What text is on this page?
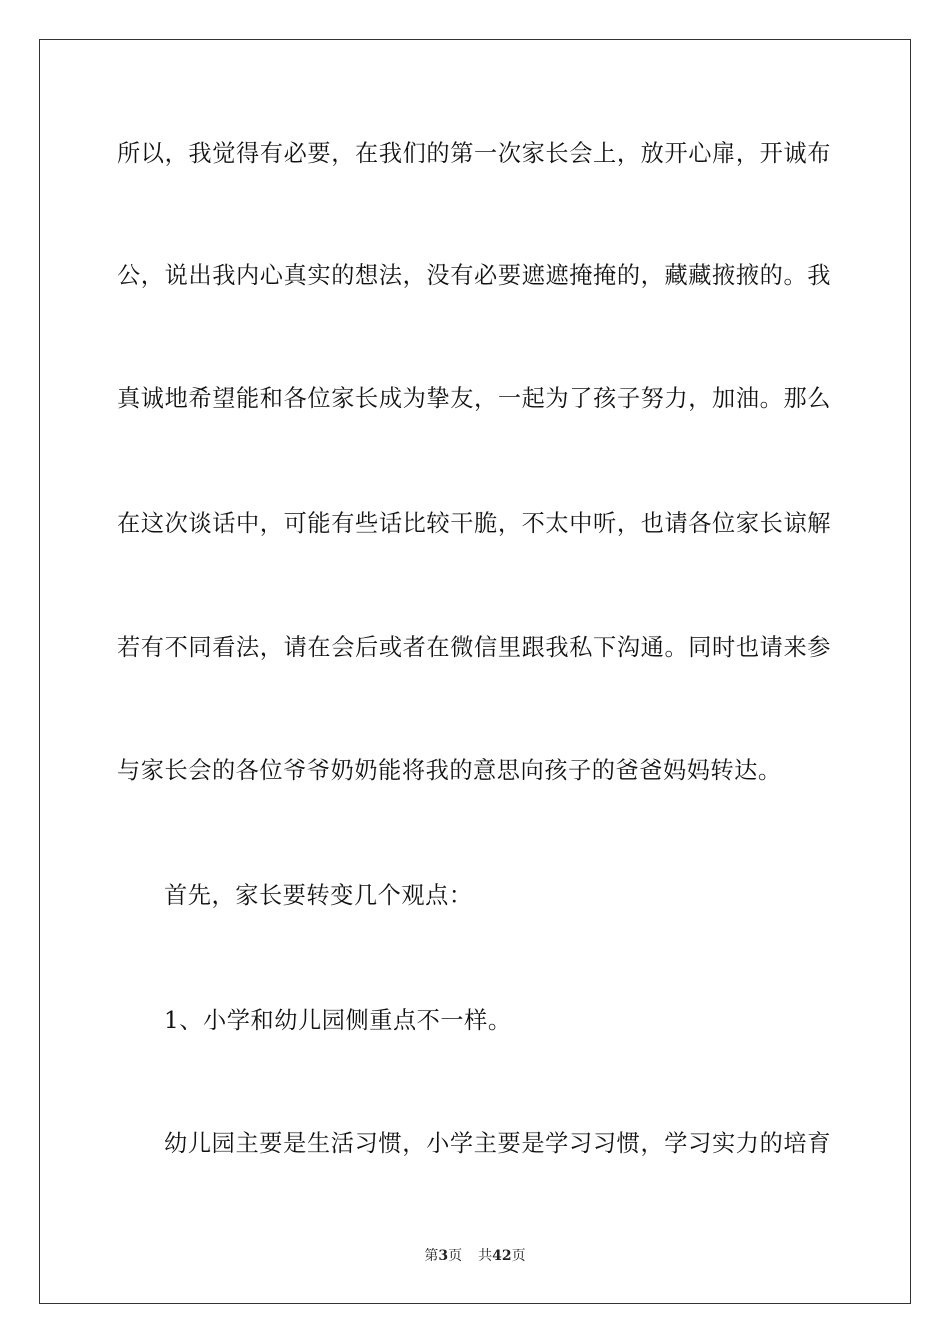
所以，我觉得有必要，在我们的第一次家长会上，放开心扉，开诚布
公，说出我内心真实的想法，没有必要遮遮掩掩的，藏藏掖掖的。我
真诚地希望能和各位家长成为挚友，一起为了孩子努力，加油。那么
在这次谈话中，可能有些话比较干脆，不太中听，也请各位家长谅解
若有不同看法，请在会后或者在微信里跟我私下沟通。同时也请来参
与家长会的各位爷爷奶奶能将我的意思向孩子的爸爸妈妈转达。
首先，家长要转变几个观点：
1、小学和幼儿园侧重点不一样。
幼儿园主要是生活习惯，小学主要是学习习惯，学习实力的培育
第3页 共42页
